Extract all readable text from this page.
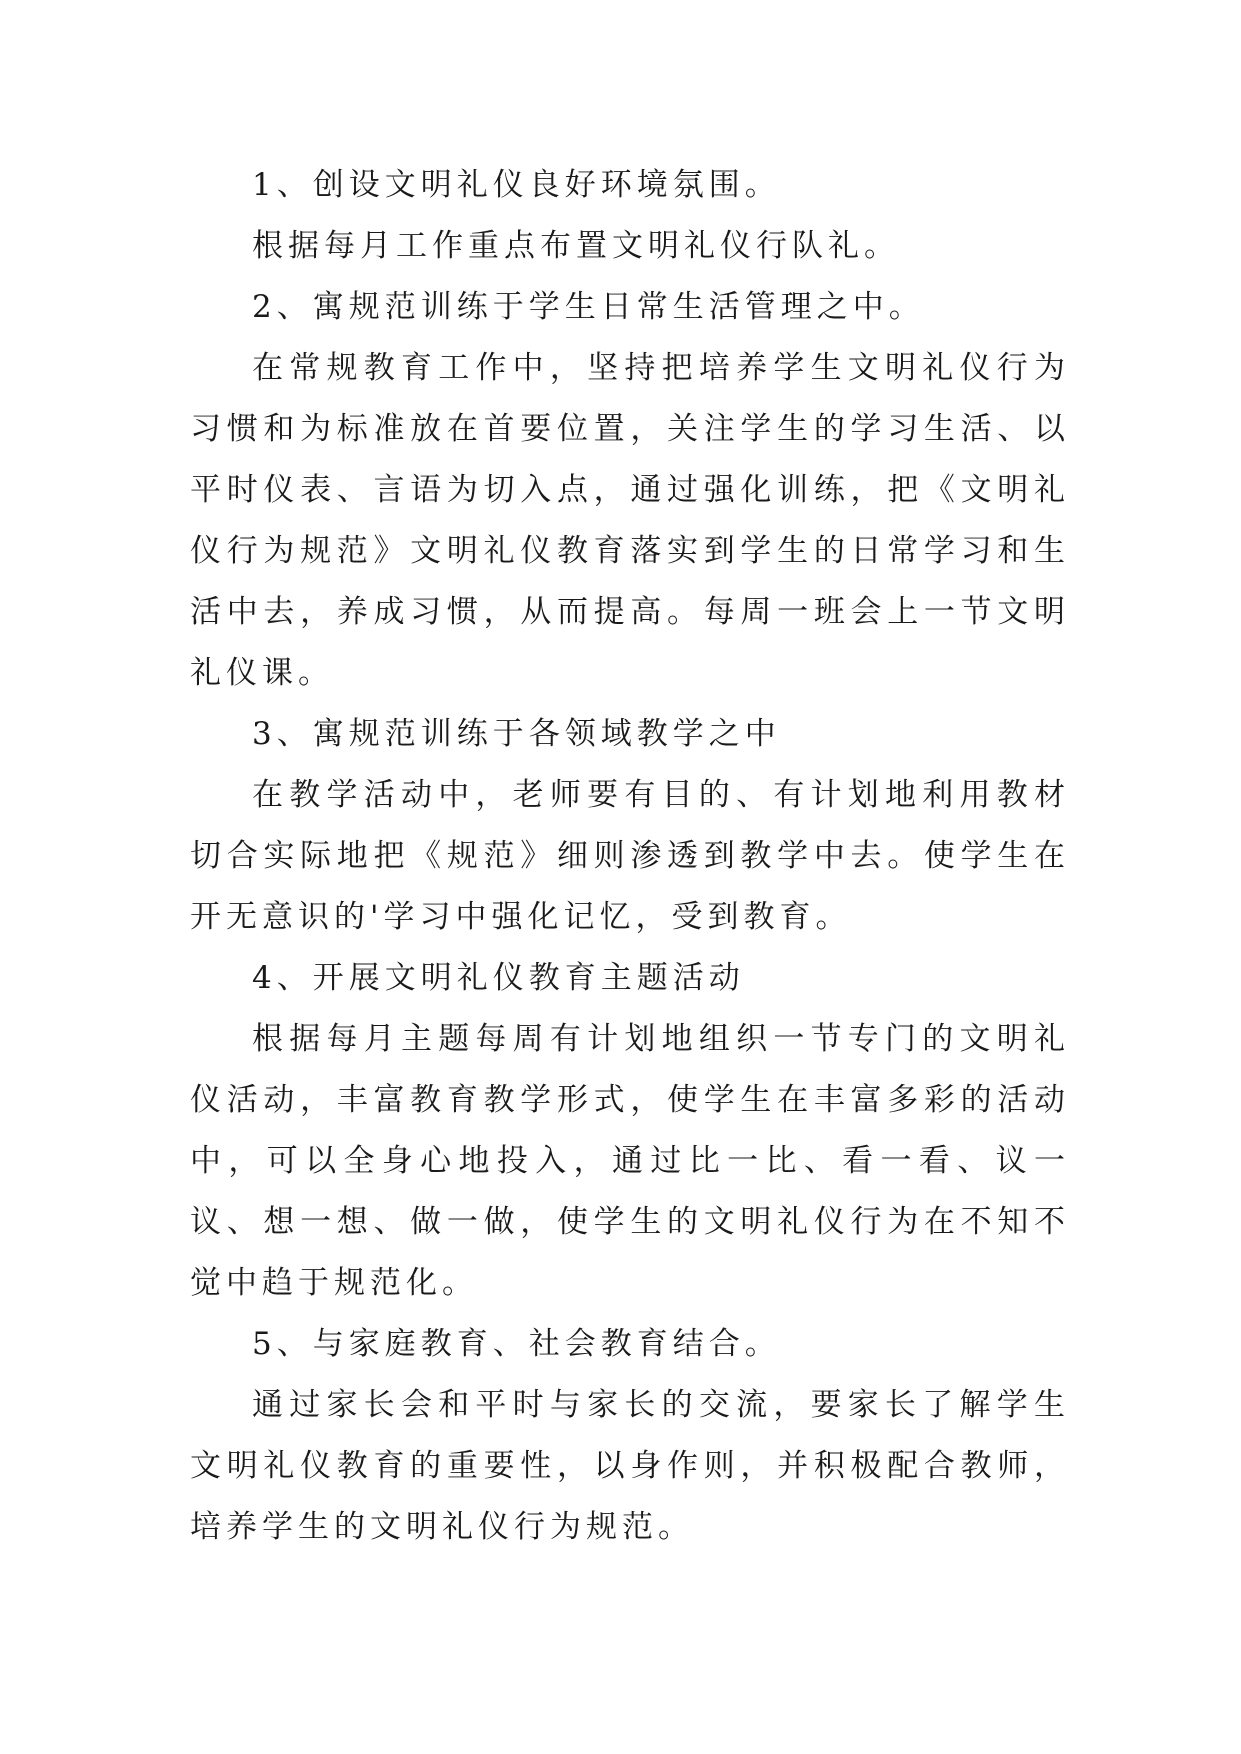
1、创设文明礼仪良好环境氛围。

根据每月工作重点布置文明礼仪行队礼。

2、寓规范训练于学生日常生活管理之中。

在常规教育工作中，坚持把培养学生文明礼仪行为习惯和为标准放在首要位置，关注学生的学习生活、以平时仪表、言语为切入点，通过强化训练，把《文明礼仪行为规范》文明礼仪教育落实到学生的日常学习和生活中去，养成习惯，从而提高。每周一班会上一节文明礼仪课。

3、寓规范训练于各领域教学之中

在教学活动中，老师要有目的、有计划地利用教材切合实际地把《规范》细则渗透到教学中去。使学生在开无意识的'学习中强化记忆，受到教育。

4、开展文明礼仪教育主题活动

根据每月主题每周有计划地组织一节专门的文明礼仪活动，丰富教育教学形式，使学生在丰富多彩的活动中，可以全身心地投入，通过比一比、看一看、议一议、想一想、做一做，使学生的文明礼仪行为在不知不觉中趋于规范化。

5、与家庭教育、社会教育结合。

通过家长会和平时与家长的交流，要家长了解学生文明礼仪教育的重要性，以身作则，并积极配合教师，培养学生的文明礼仪行为规范。
